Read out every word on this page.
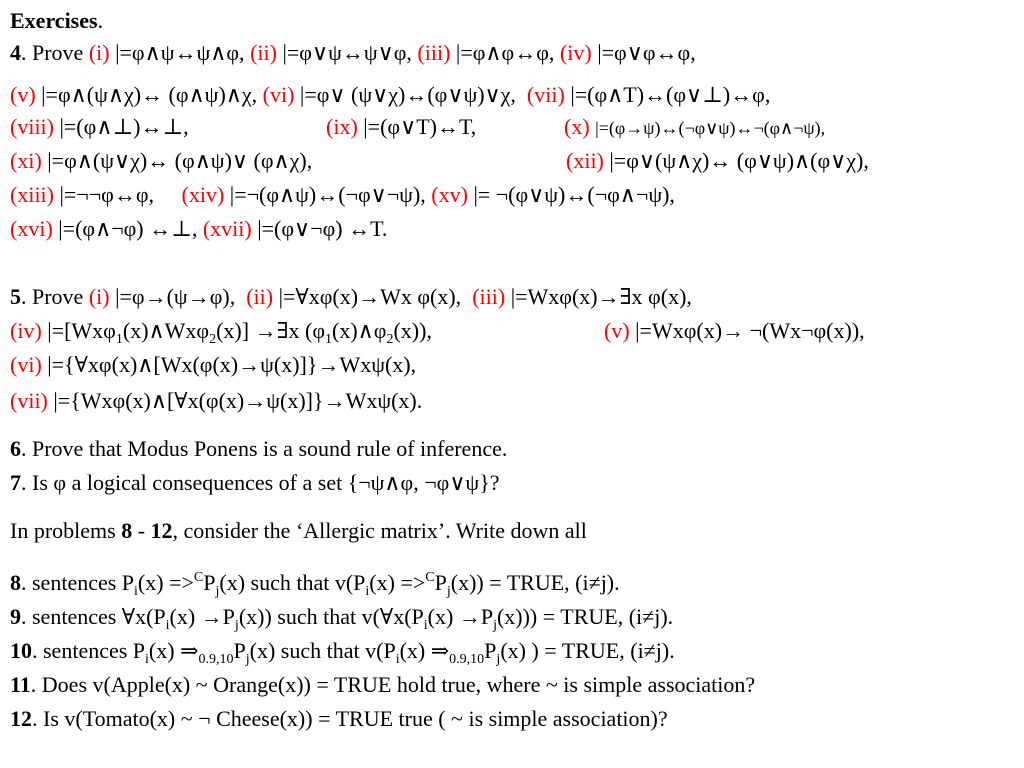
Exercises.
4. Prove (i) |=φ∧ψ↔ψ∧φ, (ii) |=φ∨ψ↔ψ∨φ, (iii) |=φ∧φ↔φ, (iv) |=φ∨φ↔φ,
(v) |=φ∧(ψ∧χ)↔ (φ∧ψ)∧χ, (vi) |=φ∨ (ψ∨χ)↔(φ∨ψ)∨χ, (vii) |=(φ∧T)↔(φ∨⊥)↔φ,
(viii) |=(φ∧⊥)↔⊥,	(ix) |=(φ∨T)↔T,	(x) |=(φ→ψ)↔(¬φ∨ψ)↔¬(φ∧¬ψ),
(xi) |=φ∧(ψ∨χ)↔ (φ∧ψ)∨ (φ∧χ),	(xii) |=φ∨(ψ∧χ)↔ (φ∨ψ)∧(φ∨χ),
(xiii) |=¬¬φ↔φ, (xiv) |=¬(φ∧ψ)↔(¬φ∨¬ψ), (xv) |= ¬(φ∨ψ)↔(¬φ∧¬ψ),
(xvi) |=(φ∧¬φ) ↔⊥, (xvii) |=(φ∨¬φ) ↔T.
5. Prove (i) |=φ→(ψ→φ), (ii) |=∀xφ(x)→Wx φ(x), (iii) |=Wxφ(x)→∃x φ(x),
(iv) |=[Wxφ$_1$(x)∧Wxφ$_2$(x)] →∃x $(\varphi_1(x)\wedge\varphi_2(x))$,	(v) |=Wxφ(x)→ ¬(Wx¬φ(x)),
(vi) |={∀xφ(x)∧[Wx(φ(x)→ψ(x)]}→Wxψ(x),
(vii) |={Wxφ(x)∧[∀x(φ(x)→ψ(x)]}→Wxψ(x).
6. Prove that Modus Ponens is a sound rule of inference.
7. Is φ a logical consequences of a set {¬ψ∧φ, ¬φ∨ψ}?
In problems 8 - 12, consider the ‘Allergic matrix’. Write down all
8. sentences $P_i(x) =>^CP_j(x)$ such that $v(P_i(x) =>^CP_j(x))$ = TRUE, (i≠j).
9. sentences $\forall x(P_i(x) \to P_j(x))$ such that $v(\forall x(P_i(x) \to P_j(x)))$ = TRUE, (i≠j).
10. sentences $P_i(x)$ $\Rightarrow_{0.9,10}P_j(x)$ such that $v(P_i(x)$ $\Rightarrow_{0.9,10}P_j(x)$ ) = TRUE, (i≠j).
11. Does v(Apple(x) ~ Orange(x)) = TRUE hold true, where ~ is simple association?
12. Is v(Tomato(x) ~ ¬ Cheese(x)) = TRUE true ( ~ is simple association)?
